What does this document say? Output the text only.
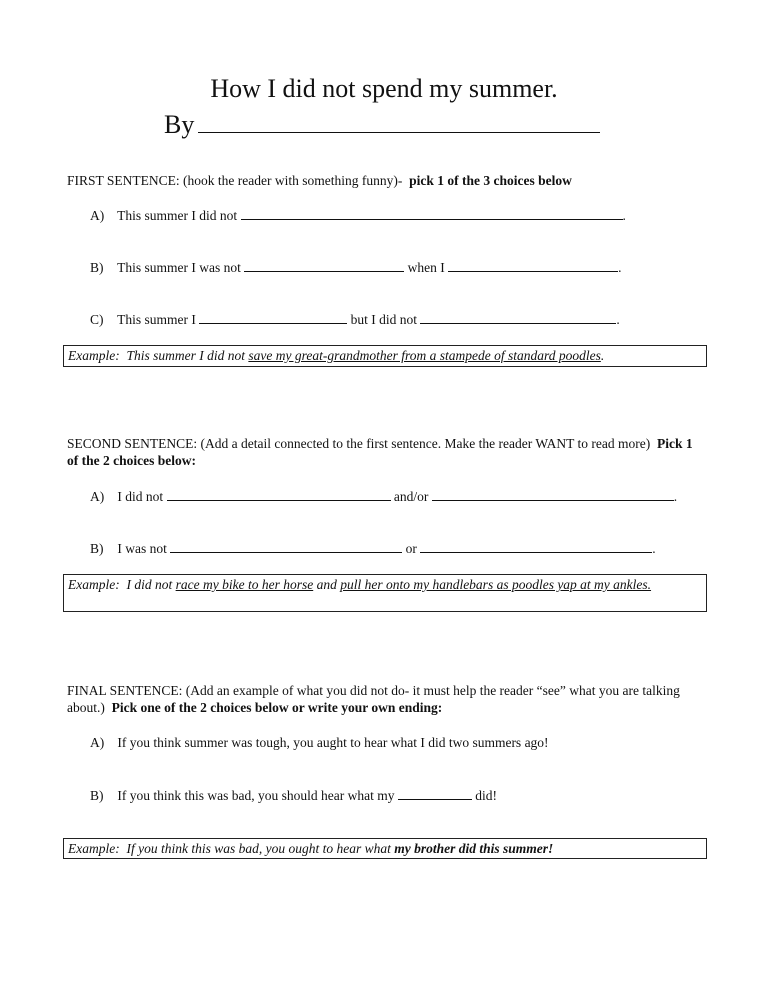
How I did not spend my summer.
By
FIRST SENTENCE: (hook the reader with something funny)- pick 1 of the 3 choices below
A) This summer I did not	.
B) This summer I was not	when I	.
C) This summer I	but I did not	.
Example: This summer I did not save my great-grandmother from a stampede of standard poodles.
SECOND SENTENCE: (Add a detail connected to the first sentence. Make the reader WANT to read more) Pick 1 of the 2 choices below:
A) I did not	and/or	.
B) I was not	or	.
Example: I did not race my bike to her horse and pull her onto my handlebars as poodles yap at my ankles.
FINAL SENTENCE: (Add an example of what you did not do- it must help the reader “see” what you are talking about.) Pick one of the 2 choices below or write your own ending:
A) If you think summer was tough, you aught to hear what I did two summers ago!
B) If you think this was bad, you should hear what my	did!
Example: If you think this was bad, you ought to hear what my brother did this summer!
